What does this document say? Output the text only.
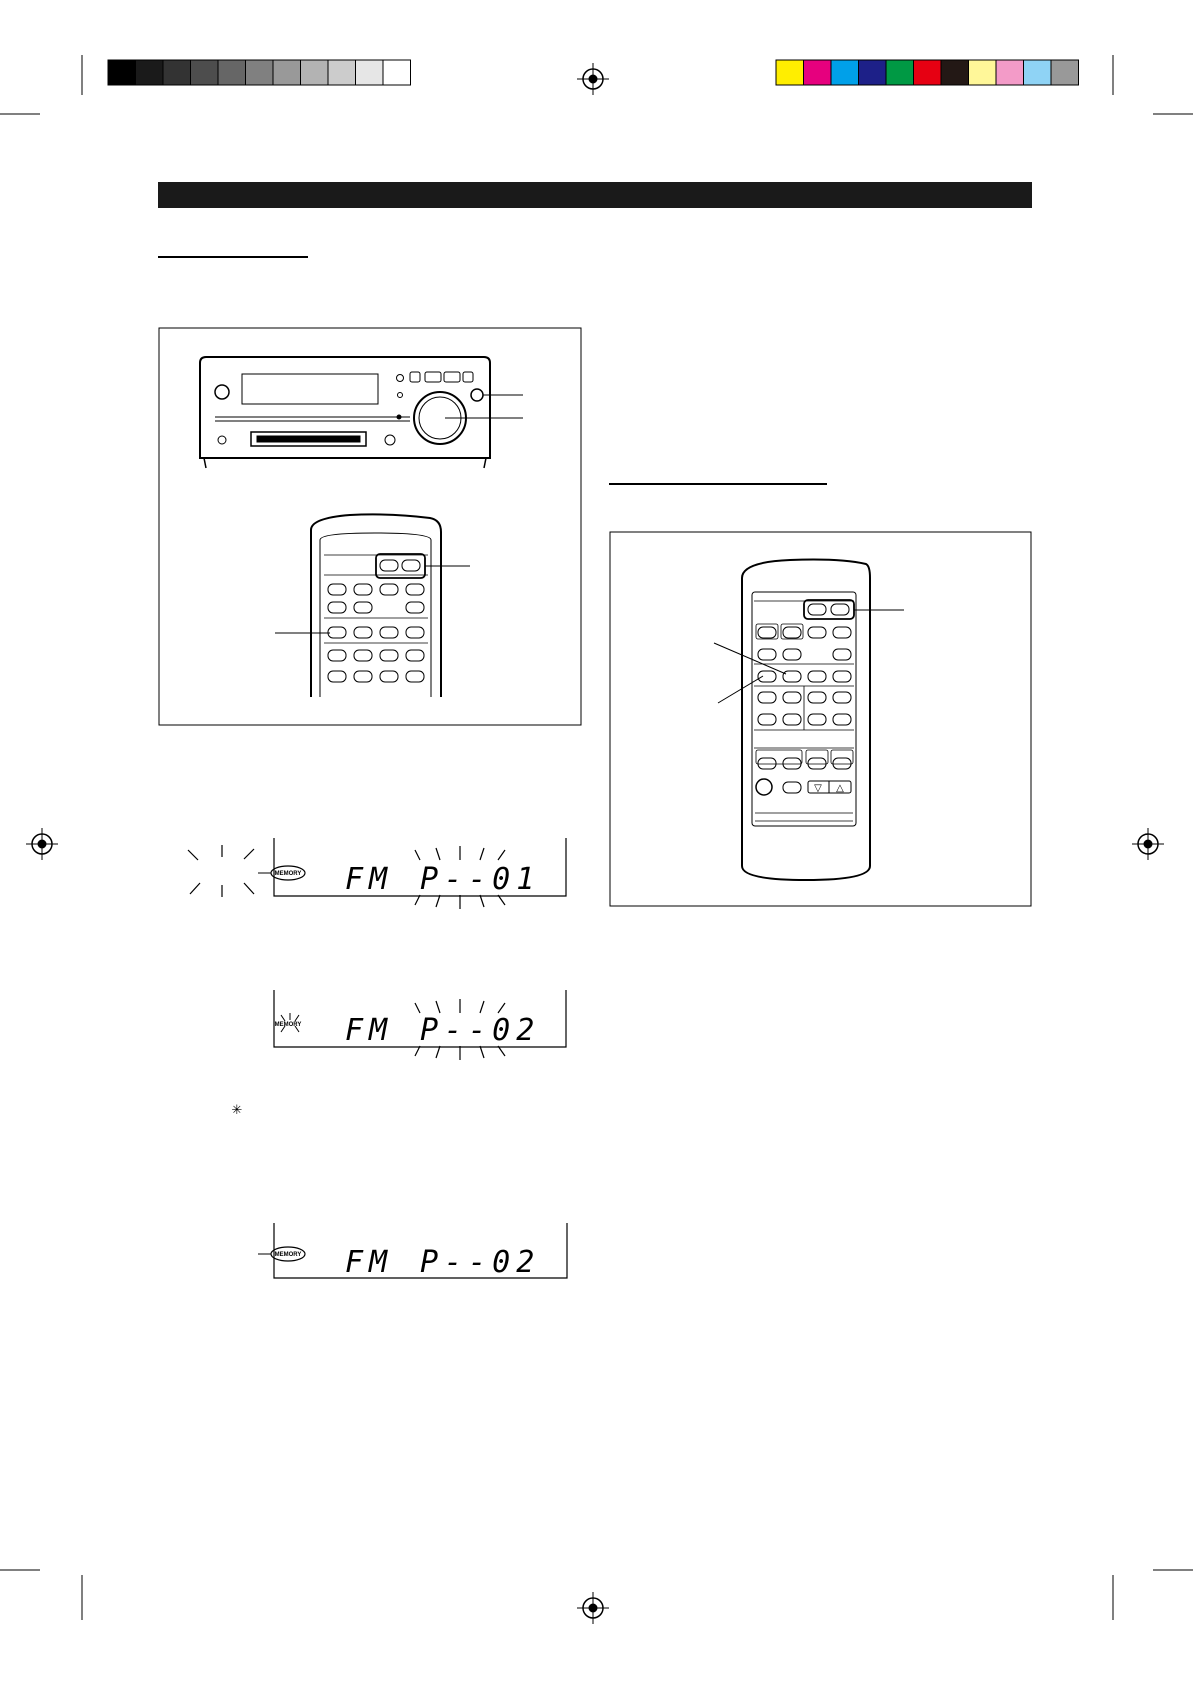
▽ △
MEMORY FM P--01
MEMORY FM P--02
✳
MEMORY FM P--02
